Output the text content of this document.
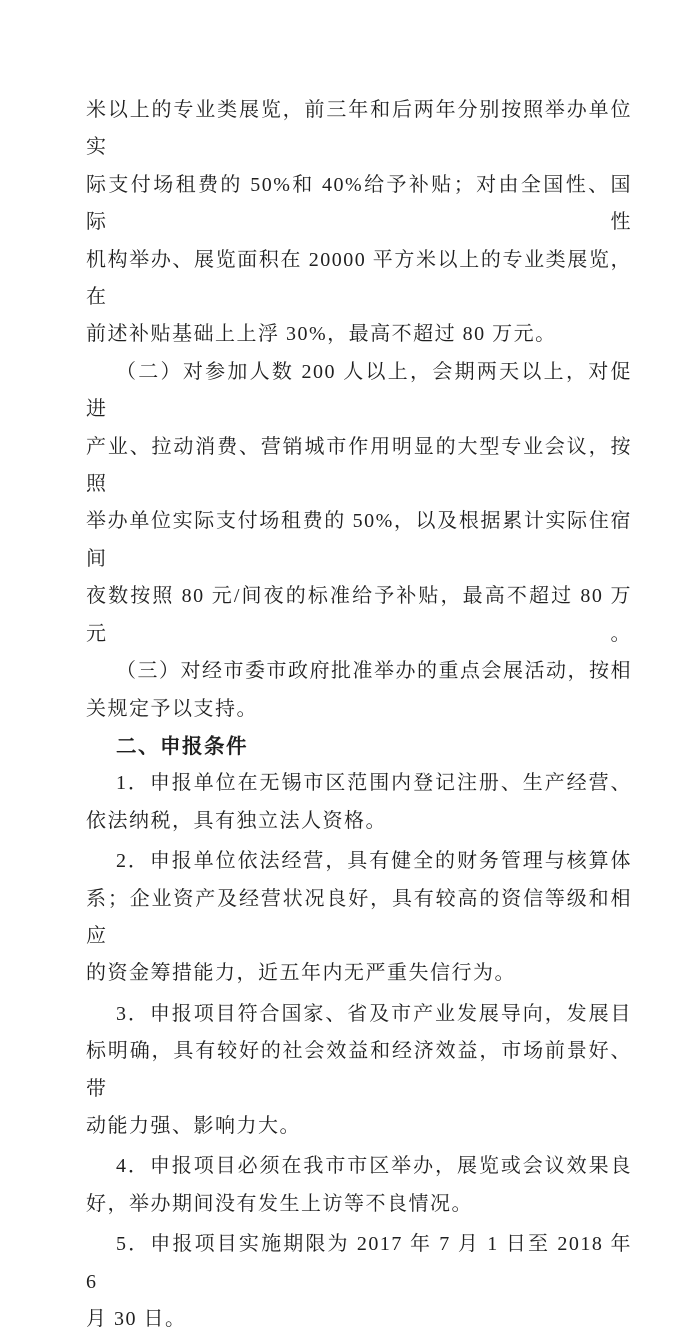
米以上的专业类展览，前三年和后两年分别按照举办单位实
际支付场租费的 50%和 40%给予补贴；对由全国性、国际性
机构举办、展览面积在 20000 平方米以上的专业类展览，在
前述补贴基础上上浮 30%，最高不超过 80 万元。
（二）对参加人数 200 人以上，会期两天以上，对促进
产业、拉动消费、营销城市作用明显的大型专业会议，按照
举办单位实际支付场租费的 50%，以及根据累计实际住宿间
夜数按照 80 元/间夜的标准给予补贴，最高不超过 80 万元。
（三）对经市委市政府批准举办的重点会展活动，按相
关规定予以支持。
二、申报条件
1．申报单位在无锡市区范围内登记注册、生产经营、
依法纳税，具有独立法人资格。
2．申报单位依法经营，具有健全的财务管理与核算体
系；企业资产及经营状况良好，具有较高的资信等级和相应
的资金筹措能力，近五年内无严重失信行为。
3．申报项目符合国家、省及市产业发展导向，发展目
标明确，具有较好的社会效益和经济效益，市场前景好、带
动能力强、影响力大。
4．申报项目必须在我市市区举办，展览或会议效果良
好，举办期间没有发生上访等不良情况。
5．申报项目实施期限为 2017 年 7 月 1 日至 2018 年 6
月 30 日。
